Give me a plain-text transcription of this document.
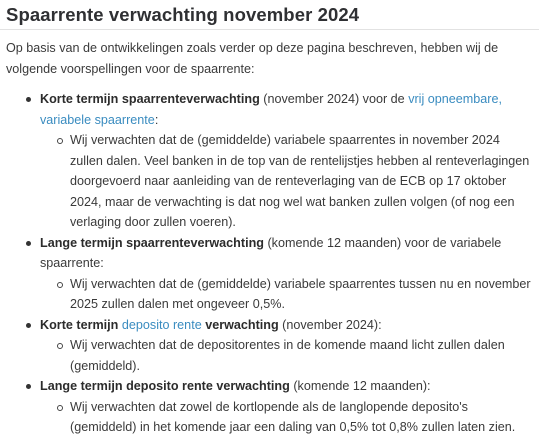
Spaarrente verwachting november 2024

Op basis van de ontwikkelingen zoals verder op deze pagina beschreven, hebben wij de volgende voorspellingen voor de spaarrente:

Korte termijn spaarrenteverwachting (november 2024) voor de vrij opneembare, variabele spaarrente:
Wij verwachten dat de (gemiddelde) variabele spaarrentes in november 2024 zullen dalen. Veel banken in de top van de rentelijstjes hebben al renteverlagingen doorgevoerd naar aanleiding van de renteverlaging van de ECB op 17 oktober 2024, maar de verwachting is dat nog wel wat banken zullen volgen (of nog een verlaging door zullen voeren).
Lange termijn spaarrenteverwachting (komende 12 maanden) voor de variabele spaarrente:
Wij verwachten dat de (gemiddelde) variabele spaarrentes tussen nu en november 2025 zullen dalen met ongeveer 0,5%.
Korte termijn deposito rente verwachting (november 2024):
Wij verwachten dat de depositorentes in de komende maand licht zullen dalen (gemiddeld).
Lange termijn deposito rente verwachting (komende 12 maanden):
Wij verwachten dat zowel de kortlopende als de langlopende deposito's (gemiddeld) in het komende jaar een daling van 0,5% tot 0,8% zullen laten zien.
